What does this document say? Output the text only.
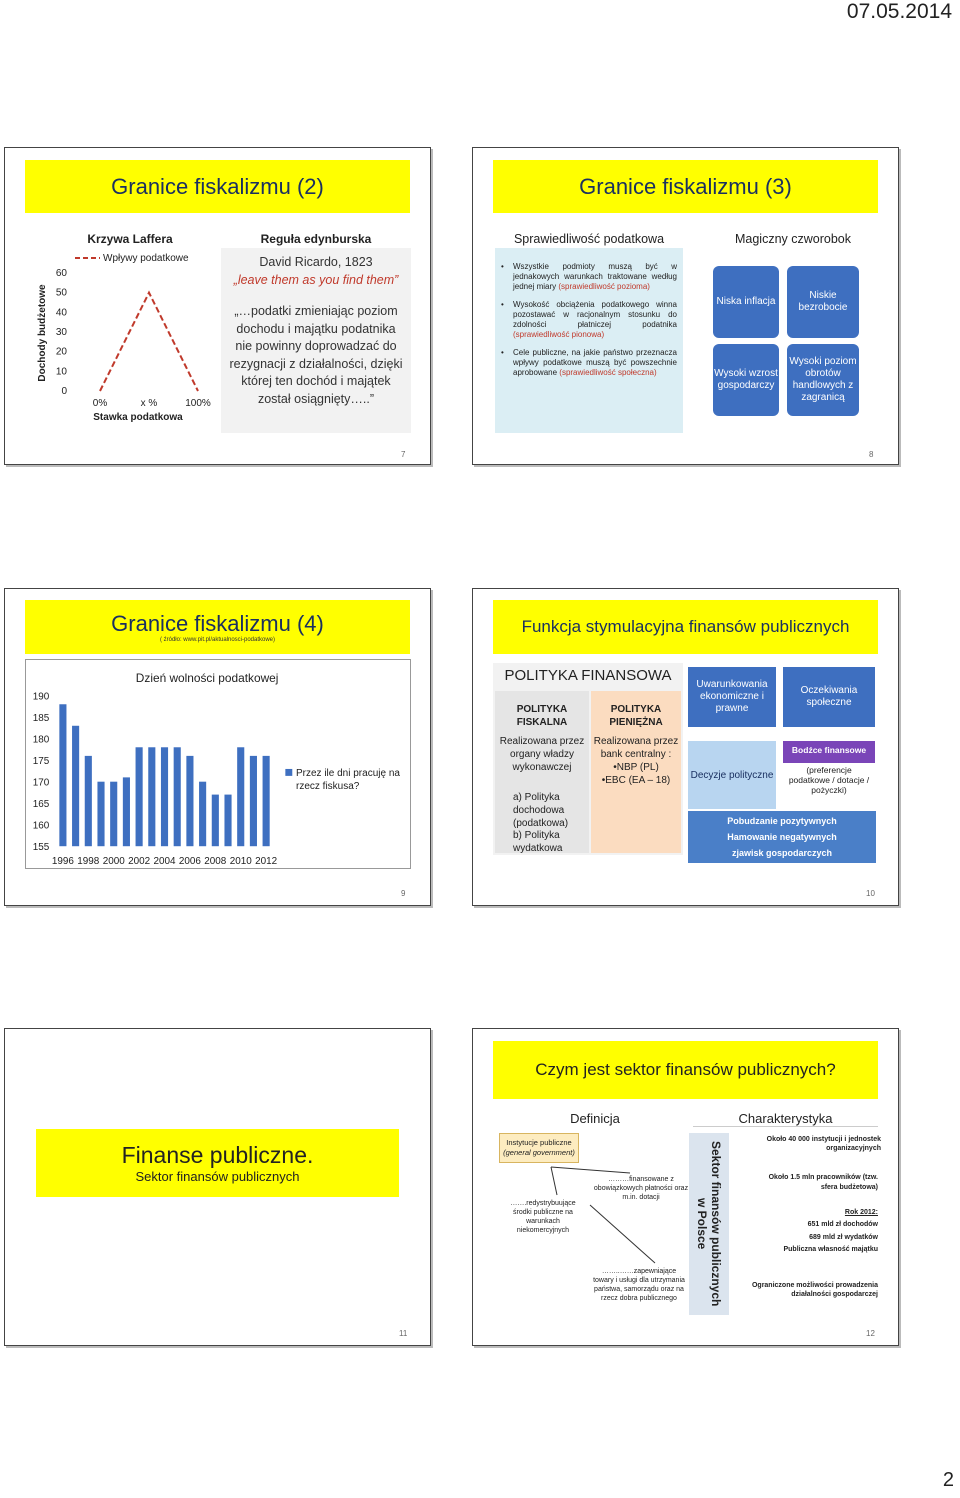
07.05.2014
Granice fiskalizmu (2)
Krzywa Laffera	Reguła edynburska
Dochody budżetowe
0
10
20
30
40
50
60
0%	x %	100%
Wpływy podatkowe
Stawka podatkowa
David Ricardo, 1823
„leave them as you find them”
„…podatki zmieniając poziom dochodu i majątku podatnika nie powinny doprowadzać do rezygnacji z działalności, dzięki której ten dochód i majątek został osiągnięty…..”
7
Granice fiskalizmu (3)
Sprawiedliwość podatkowa	Magiczny czworobok
• Wszystkie podmioty muszą być w jednakowych warunkach traktowane według jednej miary (sprawiedliwość pozioma)
• Wysokość obciążenia podatkowego winna pozostawać w racjonalnym stosunku do zdolności płatniczej podatnika (sprawiedliwość pionowa)
• Cele publiczne, na jakie państwo przeznacza wpływy podatkowe muszą być powszechnie aprobowane (sprawiedliwość społeczna)
Niska inflacja
Niskie bezrobocie
Wysoki wzrost gospodarczy
Wysoki poziom obrotów handlowych z zagranicą
8
Granice fiskalizmu (4)
( źródło: www.pit.pl/aktualnosci-podatkowe)
Dzień wolności podatkowej
155
160
165
170
175
180
185
190
1996 1998 2000 2002 2004 2006 2008 2010 2012
Przez ile dni pracuję na rzecz fiskusa?
9
Funkcja stymulacyjna finansów publicznych
POLITYKA FINANSOWA
POLITYKA FISKALNA
Realizowana przez organy władzy wykonawczej
a) Polityka dochodowa (podatkowa)
b) Polityka wydatkowa
POLITYKA PIENIĘŻNA
Realizowana przez bank centralny :
•NBP (PL)
•EBC (EA – 18)
Uwarunkowania ekonomiczne i prawne
Oczekiwania społeczne
Decyzje polityczne
Bodźce finansowe
(preferencje podatkowe / dotacje / pożyczki)
Pobudzanie pozytywnych
Hamowanie negatywnych
zjawisk gospodarczych
10
Finanse publiczne.
Sektor finansów publicznych
11
Czym jest sektor finansów publicznych?
Definicja	Charakterystyka
Instytucje publiczne
(general government)
………finansowane z obowiązkowych płatności oraz m.in. dotacji
…….redystrybuujące środki publiczne na warunkach niekomercyjnych
……..……zapewniające towary i usługi dla utrzymania państwa, samorządu oraz na rzecz dobra publicznego	Sektor finansów publicznych w Polsce
Około 40 000 instytucji i jednostek organizacyjnych
Około 1.5 mln pracowników (tzw. sfera budżetowa)
Rok 2012:
651 mld zł dochodów
689 mld zł wydatków
Publiczna własność majątku
Ograniczone możliwości prowadzenia działalności gospodarczej
12
2
